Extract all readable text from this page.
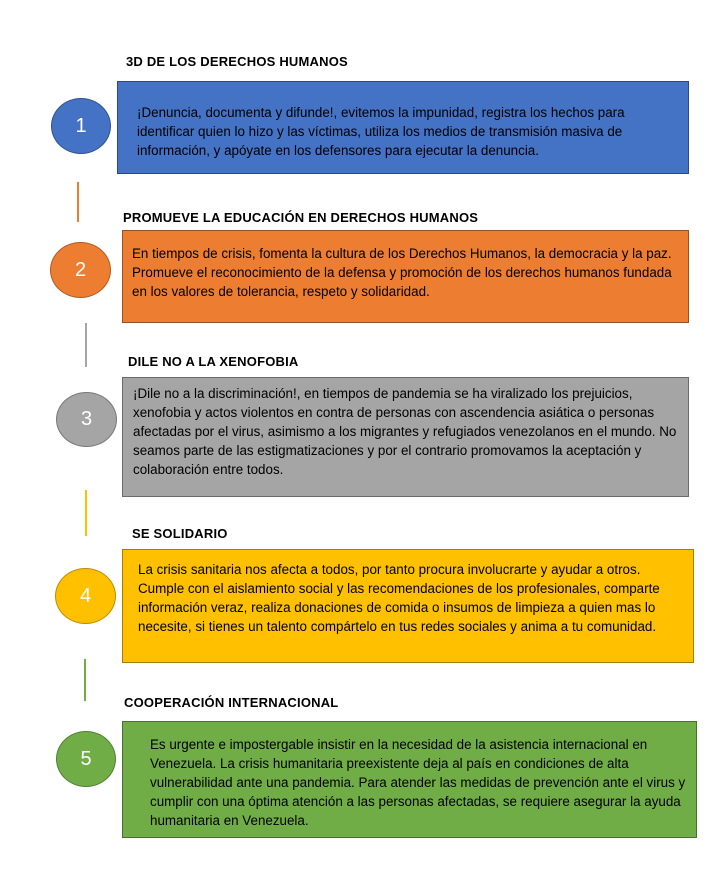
3D DE LOS DERECHOS HUMANOS
1

¡Denuncia, documenta y difunde!, evitemos la impunidad, registra los hechos para identificar quien lo hizo y las víctimas, utiliza los medios de transmisión masiva de información, y apóyate en los defensores para ejecutar la denuncia.

PROMUEVE LA EDUCACIÓN EN DERECHOS HUMANOS
2

En tiempos de crisis, fomenta la cultura de los Derechos Humanos, la democracia y la paz. Promueve el reconocimiento de la defensa y promoción de los derechos humanos fundada en los valores de tolerancia, respeto y solidaridad.

DILE NO A LA XENOFOBIA
3

¡Dile no a la discriminación!, en tiempos de pandemia se ha viralizado los prejuicios, xenofobia y actos violentos en contra de personas con ascendencia asiática o personas afectadas por el virus, asimismo a los migrantes y refugiados venezolanos en el mundo. No seamos parte de las estigmatizaciones y por el contrario promovamos la aceptación y colaboración entre todos.

SE SOLIDARIO
4

La crisis sanitaria nos afecta a todos, por tanto procura involucrarte y ayudar a otros. Cumple con el aislamiento social y las recomendaciones de los profesionales, comparte información veraz, realiza donaciones de comida o insumos de limpieza a quien mas lo necesite, si tienes un talento compártelo en tus redes sociales y anima a tu comunidad.

COOPERACIÓN INTERNACIONAL
5

Es urgente e impostergable insistir en la necesidad de la asistencia internacional en Venezuela. La crisis humanitaria preexistente deja al país en condiciones de alta vulnerabilidad ante una pandemia. Para atender las medidas de prevención ante el virus y cumplir con una óptima atención a las personas afectadas, se requiere asegurar la ayuda humanitaria en Venezuela.
